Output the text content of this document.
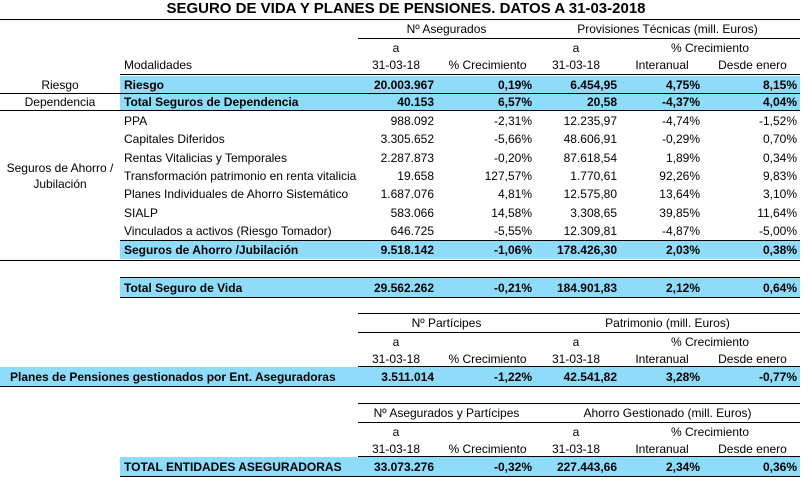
SEGURO DE VIDA Y PLANES DE PENSIONES. DATOS A 31-03-2018
Nº Asegurados	Provisiones Técnicas (mill. Euros)
a	a	% Crecimiento
31-03-18	% Crecimiento	31-03-18	Interanual	Desde enero
Modalidades
Riesgo
Dependencia
Seguros de Ahorro / Jubilación
Riesgo	20.003.967	0,19%	6.454,95	4,75%	8,15%
Total Seguros de Dependencia	40.153	6,57%	20,58	-4,37%	4,04%
PPA	988.092	-2,31%	12.235,97	-4,74%	-1,52%
Capitales Diferidos	3.305.652	-5,66%	48.606,91	-0,29%	0,70%
Rentas Vitalicias y Temporales	2.287.873	-0,20%	87.618,54	1,89%	0,34%
Transformación patrimonio en renta vitalicia	19.658	127,57%	1.770,61	92,26%	9,83%
Planes Individuales de Ahorro Sistemático	1.687.076	4,81%	12.575,80	13,64%	3,10%
SIALP	583.066	14,58%	3.308,65	39,85%	11,64%
Vinculados a activos (Riesgo Tomador)	646.725	-5,55%	12.309,81	-4,87%	-5,00%
Seguros de Ahorro /Jubilación	9.518.142	-1,06%	178.426,30	2,03%	0,38%
Total Seguro de Vida	29.562.262	-0,21%	184.901,83	2,12%	0,64%
Nº Partícipes	Patrimonio (mill. Euros)
a	a	% Crecimiento
31-03-18	% Crecimiento	31-03-18	Interanual	Desde enero
Planes de Pensiones gestionados por Ent. Aseguradoras	3.511.014	-1,22%	42.541,82	3,28%	-0,77%
Nº Asegurados y Partícipes	Ahorro Gestionado (mill. Euros)
a	a	% Crecimiento
31-03-18	% Crecimiento	31-03-18	Interanual	Desde enero
TOTAL ENTIDADES ASEGURADORAS	33.073.276	-0,32%	227.443,66	2,34%	0,36%
